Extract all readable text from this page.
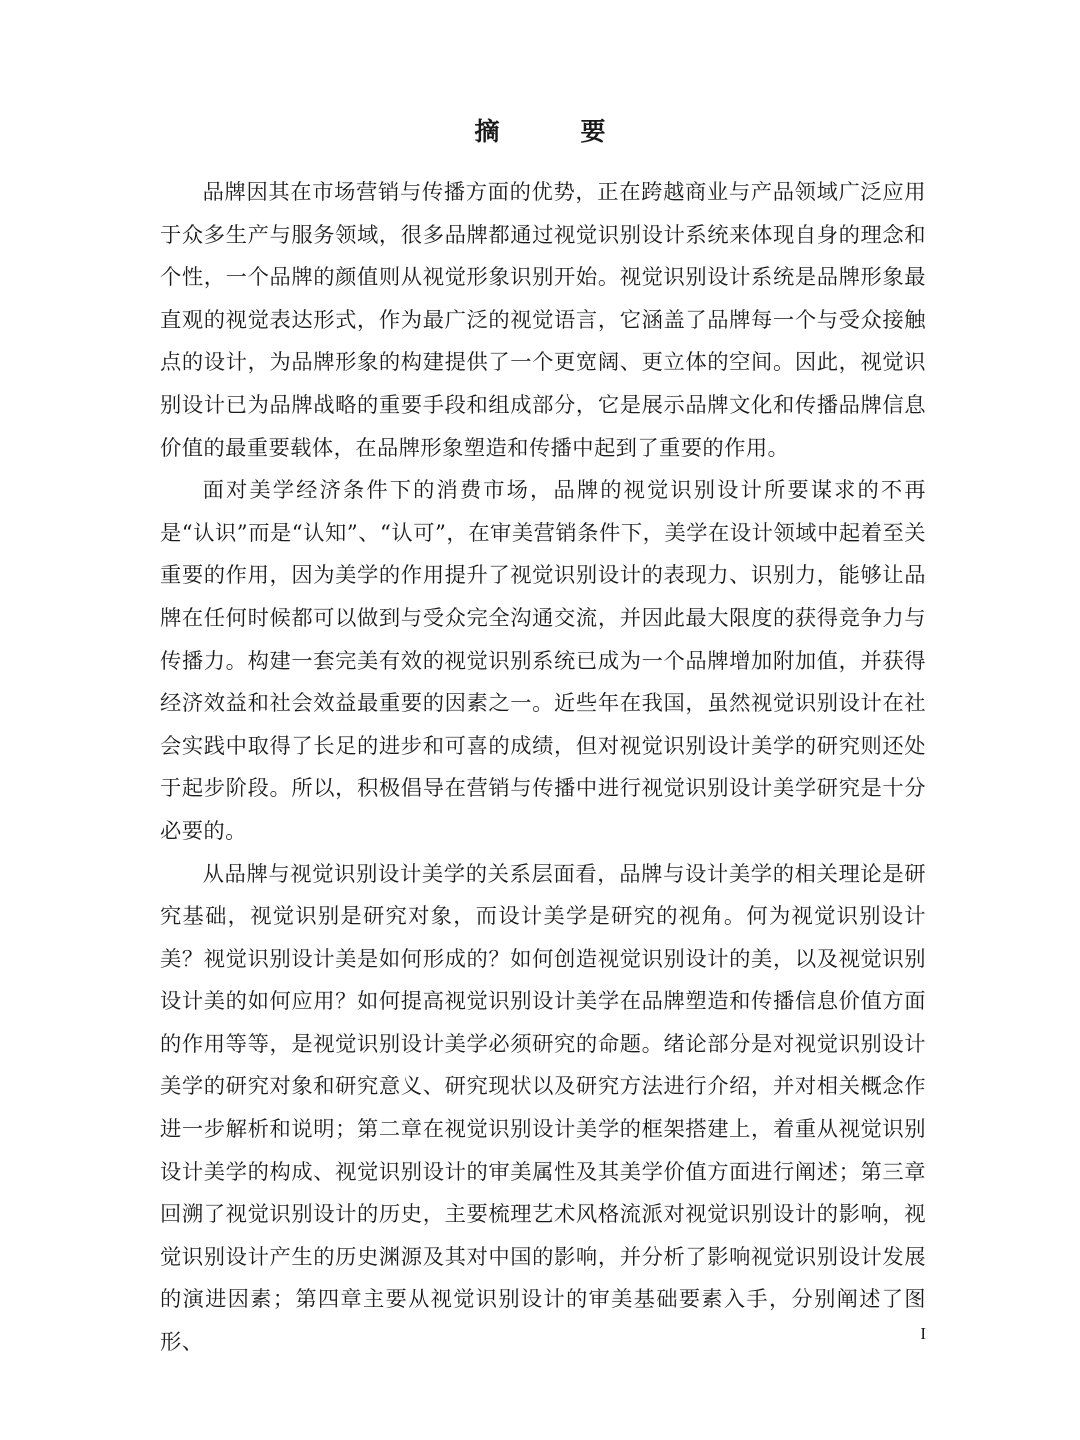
摘　要

品牌因其在市场营销与传播方面的优势，正在跨越商业与产品领域广泛应用于众多生产与服务领域，很多品牌都通过视觉识别设计系统来体现自身的理念和个性，一个品牌的颜值则从视觉形象识别开始。视觉识别设计系统是品牌形象最直观的视觉表达形式，作为最广泛的视觉语言，它涵盖了品牌每一个与受众接触点的设计，为品牌形象的构建提供了一个更宽阔、更立体的空间。因此，视觉识别设计已为品牌战略的重要手段和组成部分，它是展示品牌文化和传播品牌信息价值的最重要载体，在品牌形象塑造和传播中起到了重要的作用。

面对美学经济条件下的消费市场，品牌的视觉识别设计所要谋求的不再是“认识”而是“认知”、“认可”，在审美营销条件下，美学在设计领域中起着至关重要的作用，因为美学的作用提升了视觉识别设计的表现力、识别力，能够让品牌在任何时候都可以做到与受众完全沟通交流，并因此最大限度的获得竞争力与传播力。构建一套完美有效的视觉识别系统已成为一个品牌增加附加值，并获得经济效益和社会效益最重要的因素之一。近些年在我国，虽然视觉识别设计在社会实践中取得了长足的进步和可喜的成绩，但对视觉识别设计美学的研究则还处于起步阶段。所以，积极倡导在营销与传播中进行视觉识别设计美学研究是十分必要的。

从品牌与视觉识别设计美学的关系层面看，品牌与设计美学的相关理论是研究基础，视觉识别是研究对象，而设计美学是研究的视角。何为视觉识别设计美？视觉识别设计美是如何形成的？如何创造视觉识别设计的美，以及视觉识别设计美的如何应用？如何提高视觉识别设计美学在品牌塑造和传播信息价值方面的作用等等，是视觉识别设计美学必须研究的命题。绪论部分是对视觉识别设计美学的研究对象和研究意义、研究现状以及研究方法进行介绍，并对相关概念作进一步解析和说明；第二章在视觉识别设计美学的框架搭建上，着重从视觉识别设计美学的构成、视觉识别设计的审美属性及其美学价值方面进行阐述；第三章回溯了视觉识别设计的历史，主要梳理艺术风格流派对视觉识别设计的影响，视觉识别设计产生的历史渊源及其对中国的影响，并分析了影响视觉识别设计发展的演进因素；第四章主要从视觉识别设计的审美基础要素入手，分别阐述了图形、	I
